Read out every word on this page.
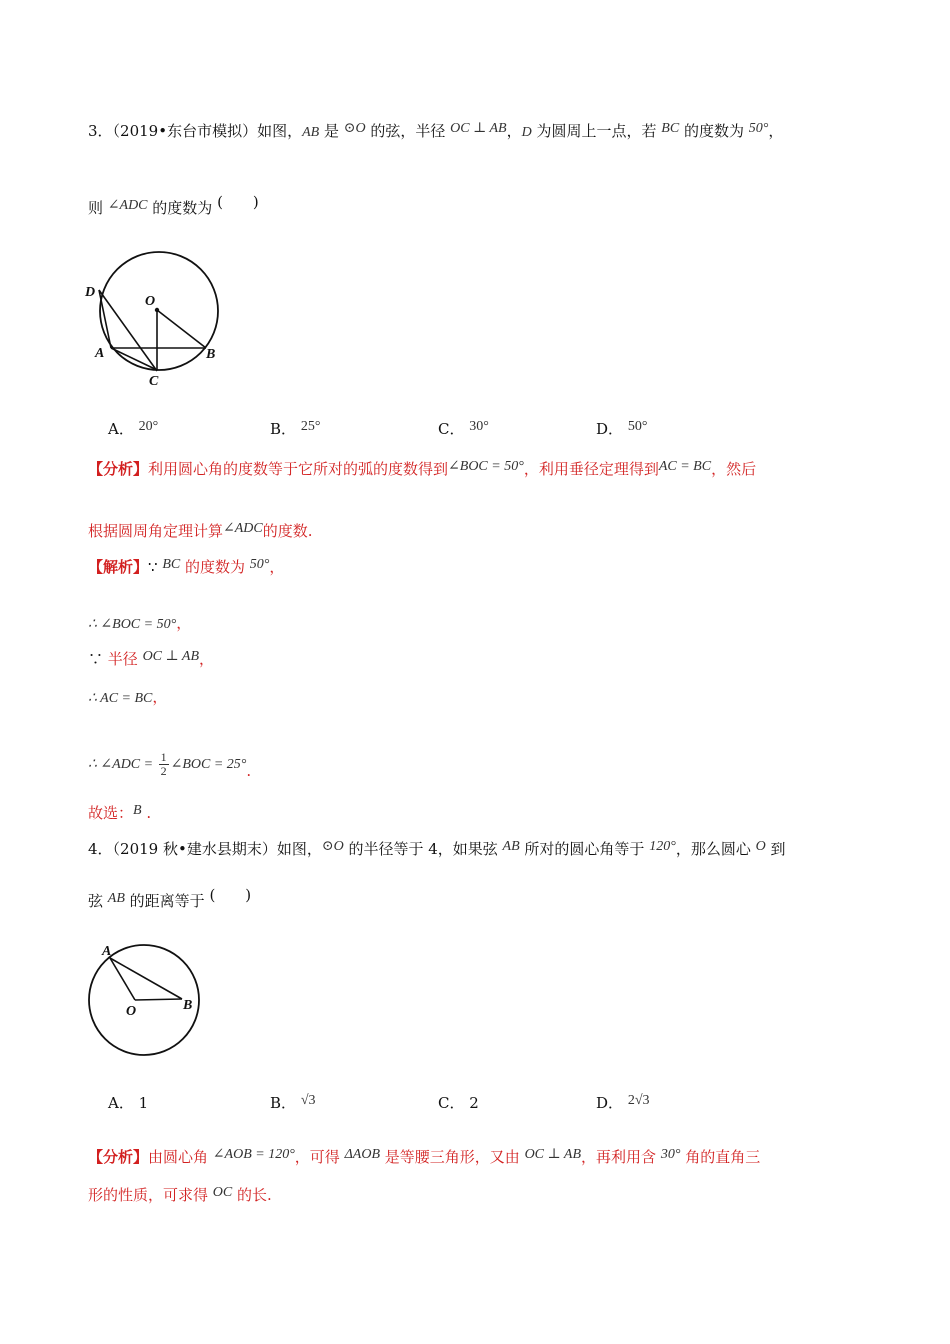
3．（2019•东台市模拟）如图，AB 是 ⊙O 的弦，半径 OC ⊥ AB，D 为圆周上一点，若 BC 的度数为 50°，
则 ∠ADC 的度数为 (　　)
D
O
A	B
C
A． 20°	B． 25°	C． 30°	D． 50°
【分析】利用圆心角的度数等于它所对的弧的度数得到∠BOC = 50°，利用垂径定理得到AC = BC，然后
根据圆周角定理计算∠ADC的度数.
【解析】∵ BC 的度数为 50°，
∴ ∠BOC = 50°，
∵ 半径 OC ⊥ AB，
∴ AC = BC，
∴ ∠ADC = $\frac{1}{2}$ ∠BOC = 25°.
故选：B .
4．（2019 秋•建水县期末）如图，⊙O 的半径等于 4，如果弦 AB 所对的圆心角等于 120°，那么圆心 O 到
弦 AB 的距离等于 (　　)
A
O	B
A． 1	B． √3	C． 2	D． 2√3
【分析】由圆心角 ∠AOB = 120°，可得 ΔAOB 是等腰三角形，又由 OC ⊥ AB，再利用含 30° 角的直角三
形的性质，可求得 OC 的长.
